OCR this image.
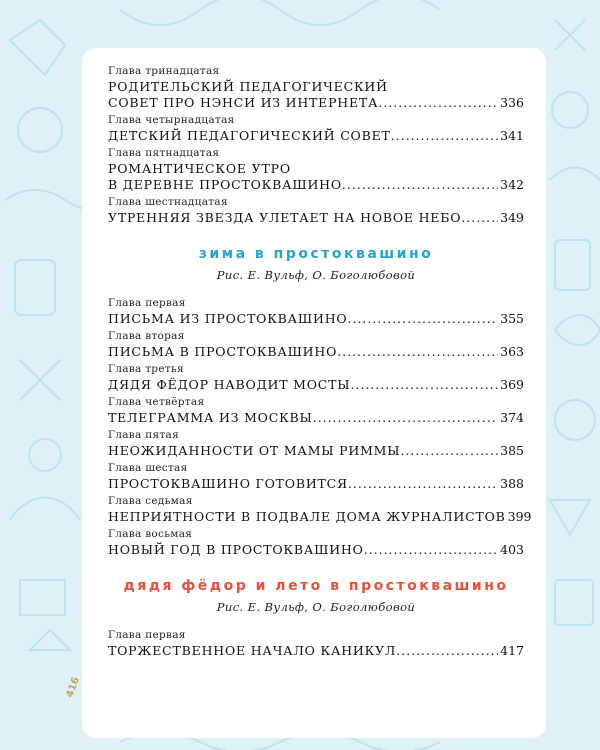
Глава тринадцатая
РОДИТЕЛЬСКИЙ ПЕДАГОГИЧЕСКИЙ
СОВЕТ ПРО НЭНСИ ИЗ ИНТЕРНЕТА .....	336
Глава четырнадцатая
ДЕТСКИЙ ПЕДАГОГИЧЕСКИЙ СОВЕТ .....	341
Глава пятнадцатая
РОМАНТИЧЕСКОЕ УТРО
В ДЕРЕВНЕ ПРОСТОКВАШИНО .....	342
Глава шестнадцатая
УТРЕННЯЯ ЗВЕЗДА УЛЕТАЕТ НА НОВОЕ НЕБО .....	349
зима в простоквашино
Рис. Е. Вульф, О. Боголюбовой
Глава первая
ПИСЬМА ИЗ ПРОСТОКВАШИНО .....	355
Глава вторая
ПИСЬМА В ПРОСТОКВАШИНО .....	363
Глава третья
ДЯДЯ ФЁДОР НАВОДИТ МОСТЫ .....	369
Глава четвёртая
ТЕЛЕГРАММА ИЗ МОСКВЫ .....	374
Глава пятая
НЕОЖИДАННОСТИ ОТ МАМЫ РИММЫ .....	385
Глава шестая
ПРОСТОКВАШИНО ГОТОВИТСЯ .....	388
Глава седьмая
НЕПРИЯТНОСТИ В ПОДВАЛЕ ДОМА ЖУРНАЛИСТОВ 399
Глава восьмая
НОВЫЙ ГОД В ПРОСТОКВАШИНО .....	403
дядя фёдор и лето в простоквашино
Рис. Е. Вульф, О. Боголюбовой
Глава первая
ТОРЖЕСТВЕННОЕ НАЧАЛО КАНИКУЛ .....	417
416
